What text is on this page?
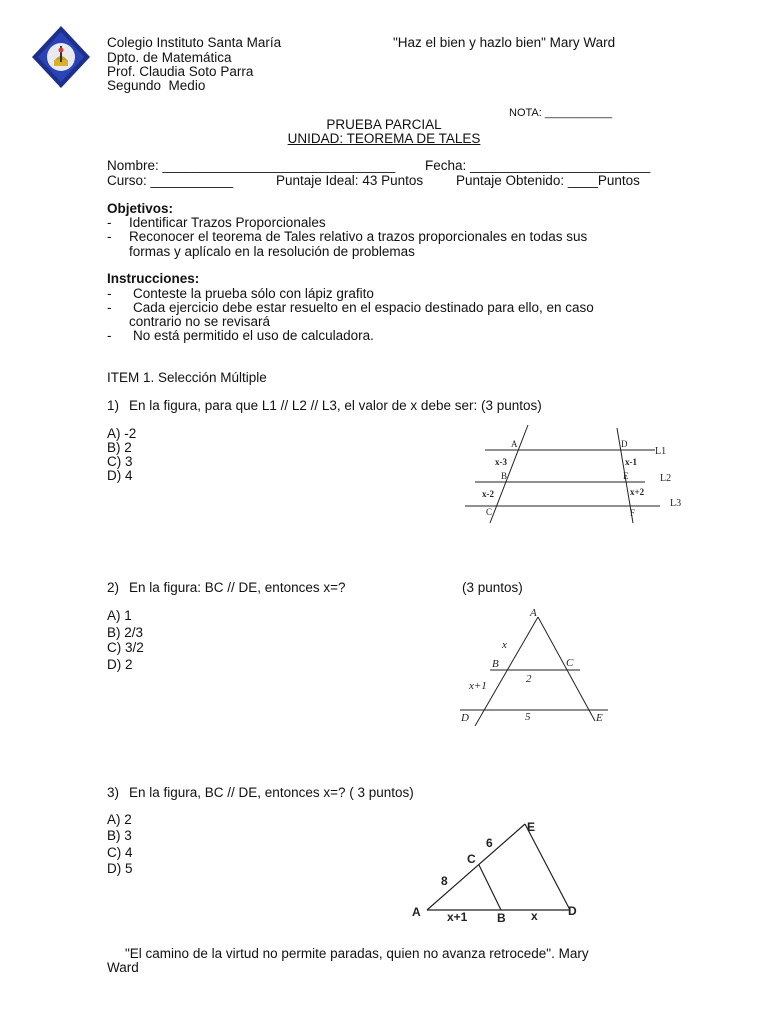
Colegio Instituto Santa María	"Haz el bien y hazlo bien" Mary Ward
Dpto. de Matemática
Prof. Claudia Soto Parra
Segundo  Medio
NOTA: ___________
PRUEBA PARCIAL
UNIDAD: TEOREMA DE TALES
Nombre: _______________________________ Fecha: ________________________
Curso: ___________	Puntaje Ideal: 43 Puntos Puntaje Obtenido: ____Puntos
Objetivos:
- Identificar Trazos Proporcionales
- Reconocer el teorema de Tales relativo a trazos proporcionales en todas sus
formas y aplícalo en la resolución de problemas
Instrucciones:
- Conteste la prueba sólo con lápiz grafito
- Cada ejercicio debe estar resuelto en el espacio destinado para ello, en caso
contrario no se revisará
- No está permitido el uso de calculadora.
ITEM 1. Selección Múltiple
1) En la figura, para que L1 // L2 // L3, el valor de x debe ser: (3 puntos)
A) -2
B) 2
C) 3
D) 4
A	D
B	E
C	F
L1
L2
L3
x-3	x-1
x-2	x+2
2) En la figura: BC // DE, entonces x=?	(3 puntos)
A) 1
B) 2/3
C) 3/2
D) 2
A
B	C
D	E
x
x+1
2
5
3) En la figura, BC // DE, entonces x=? ( 3 puntos)
A) 2
B) 3
C) 4
D) 5
A	B
C
D
E
8
6
x+1	x
"El camino de la virtud no permite paradas, quien no avanza retrocede". Mary
Ward
